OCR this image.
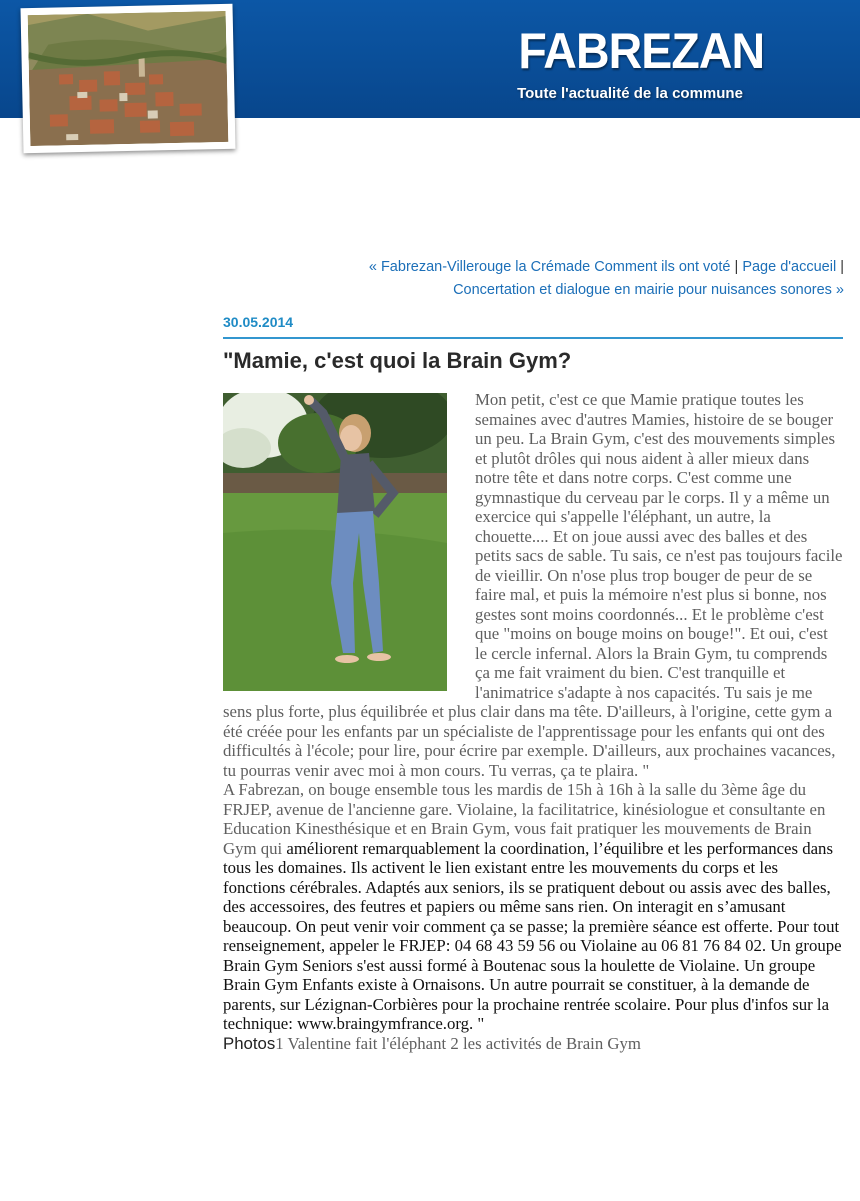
FABREZAN
Toute l'actualité de la commune
« Fabrezan-Villerouge la Crémade Comment ils ont voté | Page d'accueil |
Concertation et dialogue en mairie pour nuisances sonores »
30.05.2014
"Mamie, c'est quoi la Brain Gym?

Mon petit, c'est ce que Mamie pratique toutes les semaines avec d'autres Mamies, histoire de se bouger un peu. La Brain Gym, c'est des mouvements simples et plutôt drôles qui nous aident à aller mieux dans notre tête et dans notre corps. C'est comme une gymnastique du cerveau par le corps. Il y a même un exercice qui s'appelle l'éléphant, un autre, la chouette.... Et on joue aussi avec des balles et des petits sacs de sable. Tu sais, ce n'est pas toujours facile de vieillir. On n'ose plus trop bouger de peur de se faire mal, et puis la mémoire n'est plus si bonne, nos gestes sont moins coordonnés... Et le problème c'est que "moins on bouge moins on bouge!". Et oui, c'est le cercle infernal. Alors la Brain Gym, tu comprends ça me fait vraiment du bien. C'est tranquille et l'animatrice s'adapte à nos capacités. Tu sais je me sens plus forte, plus équilibrée et plus clair dans ma tête. D'ailleurs, à l'origine, cette gym a été créée pour les enfants par un spécialiste de l'apprentissage pour les enfants qui ont des difficultés à l'école; pour lire, pour écrire par exemple. D'ailleurs, aux prochaines vacances, tu pourras venir avec moi à mon cours. Tu verras, ça te plaira. "

A Fabrezan, on bouge ensemble tous les mardis de 15h à 16h à la salle du 3ème âge du FRJEP, avenue de l'ancienne gare. Violaine, la facilitatrice, kinésiologue et consultante en Education Kinesthésique et en Brain Gym, vous fait pratiquer les mouvements de Brain Gym qui améliorent remarquablement la coordination, l’équilibre et les performances dans tous les domaines. Ils activent le lien existant entre les mouvements du corps et les fonctions cérébrales. Adaptés aux seniors, ils se pratiquent debout ou assis avec des balles, des accessoires, des feutres et papiers ou même sans rien. On interagit en s’amusant beaucoup. On peut venir voir comment ça se passe; la première séance est offerte. Pour tout renseignement, appeler le FRJEP: 04 68 43 59 56 ou Violaine au 06 81 76 84 02. Un groupe Brain Gym Seniors s'est aussi formé à Boutenac sous la houlette de Violaine. Un groupe Brain Gym Enfants existe à Ornaisons. Un autre pourrait se constituer, à la demande de parents, sur Lézignan-Corbières pour la prochaine rentrée scolaire. Pour plus d'infos sur la technique: www.braingymfrance.org. "

Photos1 Valentine fait l'éléphant 2 les activités de Brain Gym
